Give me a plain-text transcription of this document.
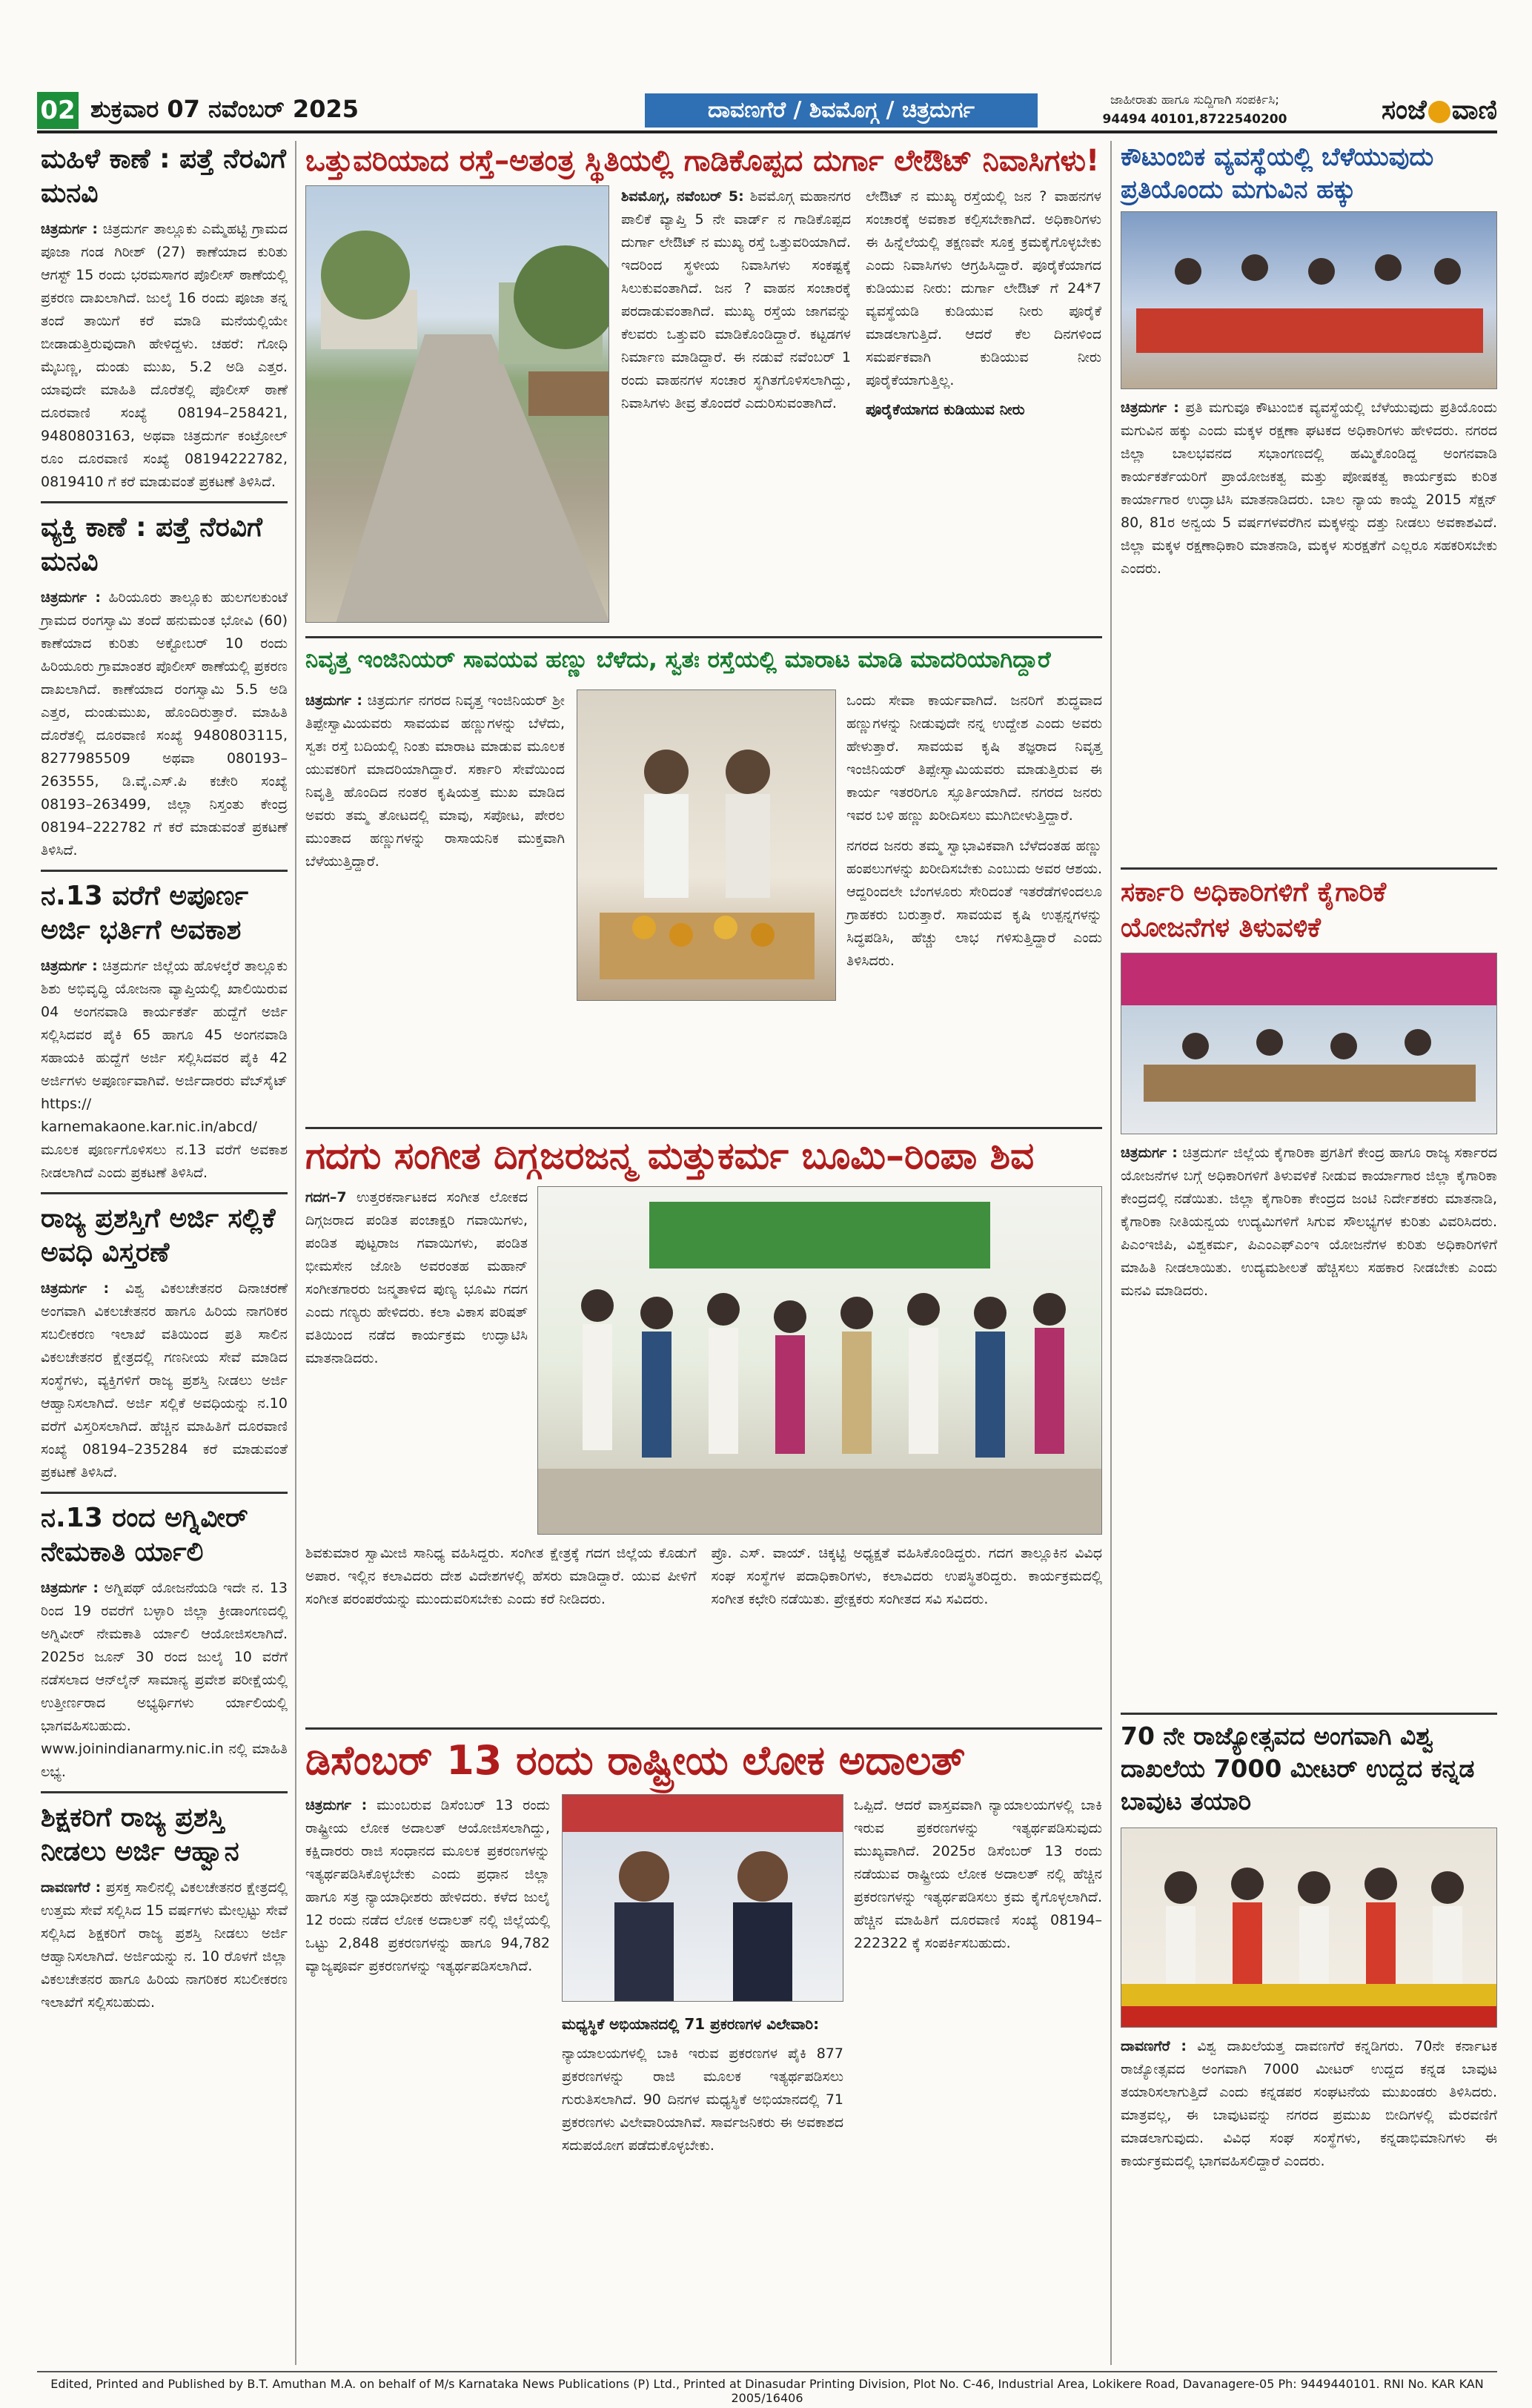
02 ಶುಕ್ರವಾರ 07 ನವೆಂಬರ್ 2025	ದಾವಣಗೆರೆ / ಶಿವಮೊಗ್ಗ / ಚಿತ್ರದುರ್ಗ	ಜಾಹೀರಾತು ಹಾಗೂ ಸುದ್ದಿಗಾಗಿ ಸಂಪರ್ಕಿಸಿ;
94494 40101,8722540200	ಸಂಜೆ ವಾಣಿ
ಮಹಿಳೆ ಕಾಣೆ : ಪತ್ತೆ ನೆರವಿಗೆ ಮನವಿ
ಚಿತ್ರದುರ್ಗ : ಚಿತ್ರದುರ್ಗ ತಾಲ್ಲೂಕು ಎಮ್ಮೆಹಟ್ಟಿ ಗ್ರಾಮದ ಪೂಜಾ ಗಂಡ ಗಿರೀಶ್ (27) ಕಾಣೆಯಾದ ಕುರಿತು ಆಗಸ್ಟ್ 15 ರಂದು ಭರಮಸಾಗರ ಪೊಲೀಸ್ ಠಾಣೆಯಲ್ಲಿ ಪ್ರಕರಣ ದಾಖಲಾಗಿದೆ. ಜುಲೈ 16 ರಂದು ಪೂಜಾ ತನ್ನ ತಂದೆ ತಾಯಿಗೆ ಕರೆ ಮಾಡಿ ಮನೆಯಲ್ಲಿಯೇ ಬೀಡಾಡುತ್ತಿರುವುದಾಗಿ ಹೇಳಿದ್ದಳು. ಚಹರೆ: ಗೋಧಿ ಮೈಬಣ್ಣ, ದುಂಡು ಮುಖ, 5.2 ಅಡಿ ಎತ್ತರ. ಯಾವುದೇ ಮಾಹಿತಿ ದೊರೆತಲ್ಲಿ ಪೊಲೀಸ್ ಠಾಣೆ ದೂರವಾಣಿ ಸಂಖ್ಯೆ 08194–258421, 9480803163, ಅಥವಾ ಚಿತ್ರದುರ್ಗ ಕಂಟ್ರೋಲ್ ರೂಂ ದೂರವಾಣಿ ಸಂಖ್ಯೆ 08194222782, 0819410 ಗೆ ಕರೆ ಮಾಡುವಂತೆ ಪ್ರಕಟಣೆ ತಿಳಿಸಿದೆ.
ವ್ಯಕ್ತಿ ಕಾಣೆ : ಪತ್ತೆ ನೆರವಿಗೆ ಮನವಿ
ಚಿತ್ರದುರ್ಗ : ಹಿರಿಯೂರು ತಾಲ್ಲೂಕು ಹುಲಗಲಕುಂಟೆ ಗ್ರಾಮದ ರಂಗಸ್ವಾಮಿ ತಂದೆ ಹನುಮಂತ ಭೋವಿ (60) ಕಾಣೆಯಾದ ಕುರಿತು ಅಕ್ಟೋಬರ್ 10 ರಂದು ಹಿರಿಯೂರು ಗ್ರಾಮಾಂತರ ಪೊಲೀಸ್ ಠಾಣೆಯಲ್ಲಿ ಪ್ರಕರಣ ದಾಖಲಾಗಿದೆ. ಕಾಣೆಯಾದ ರಂಗಸ್ವಾಮಿ 5.5 ಅಡಿ ಎತ್ತರ, ದುಂಡುಮುಖ, ಹೊಂದಿರುತ್ತಾರೆ. ಮಾಹಿತಿ ದೊರೆತಲ್ಲಿ ದೂರವಾಣಿ ಸಂಖ್ಯೆ 9480803115, 8277985509 ಅಥವಾ 080193–263555, ಡಿ.ವೈ.ಎಸ್.ಪಿ ಕಚೇರಿ ಸಂಖ್ಯೆ 08193–263499, ಜಿಲ್ಲಾ ನಿಸ್ತಂತು ಕೇಂದ್ರ 08194–222782 ಗೆ ಕರೆ ಮಾಡುವಂತೆ ಪ್ರಕಟಣೆ ತಿಳಿಸಿದೆ.
ನ.13 ವರೆಗೆ ಅಪೂರ್ಣ ಅರ್ಜಿ ಭರ್ತಿಗೆ ಅವಕಾಶ
ಚಿತ್ರದುರ್ಗ : ಚಿತ್ರದುರ್ಗ ಜಿಲ್ಲೆಯ ಹೊಳಲ್ಕೆರೆ ತಾಲ್ಲೂಕು ಶಿಶು ಅಭಿವೃದ್ಧಿ ಯೋಜನಾ ವ್ಯಾಪ್ತಿಯಲ್ಲಿ ಖಾಲಿಯಿರುವ 04 ಅಂಗನವಾಡಿ ಕಾರ್ಯಕರ್ತೆ ಹುದ್ದೆಗೆ ಅರ್ಜಿ ಸಲ್ಲಿಸಿದವರ ಪೈಕಿ 65 ಹಾಗೂ 45 ಅಂಗನವಾಡಿ ಸಹಾಯಕಿ ಹುದ್ದೆಗೆ ಅರ್ಜಿ ಸಲ್ಲಿಸಿದವರ ಪೈಕಿ 42 ಅರ್ಜಿಗಳು ಅಪೂರ್ಣವಾಗಿವೆ. ಅರ್ಜಿದಾರರು ವೆಬ್‍ಸೈಟ್ https:// karnemakaone.kar.nic.in/abcd/ ಮೂಲಕ ಪೂರ್ಣಗೊಳಿಸಲು ನ.13 ವರೆಗೆ ಅವಕಾಶ ನೀಡಲಾಗಿದೆ ಎಂದು ಪ್ರಕಟಣೆ ತಿಳಿಸಿದೆ.
ರಾಜ್ಯ ಪ್ರಶಸ್ತಿಗೆ ಅರ್ಜಿ ಸಲ್ಲಿಕೆ ಅವಧಿ ವಿಸ್ತರಣೆ
ಚಿತ್ರದುರ್ಗ : ವಿಶ್ವ ವಿಕಲಚೇತನರ ದಿನಾಚರಣೆ ಅಂಗವಾಗಿ ವಿಕಲಚೇತನರ ಹಾಗೂ ಹಿರಿಯ ನಾಗರಿಕರ ಸಬಲೀಕರಣ ಇಲಾಖೆ ವತಿಯಿಂದ ಪ್ರತಿ ಸಾಲಿನ ವಿಕಲಚೇತನರ ಕ್ಷೇತ್ರದಲ್ಲಿ ಗಣನೀಯ ಸೇವೆ ಮಾಡಿದ ಸಂಸ್ಥೆಗಳು, ವ್ಯಕ್ತಿಗಳಿಗೆ ರಾಜ್ಯ ಪ್ರಶಸ್ತಿ ನೀಡಲು ಅರ್ಜಿ ಆಹ್ವಾನಿಸಲಾಗಿದೆ. ಅರ್ಜಿ ಸಲ್ಲಿಕೆ ಅವಧಿಯನ್ನು ನ.10 ವರೆಗೆ ವಿಸ್ತರಿಸಲಾಗಿದೆ. ಹೆಚ್ಚಿನ ಮಾಹಿತಿಗೆ ದೂರವಾಣಿ ಸಂಖ್ಯೆ 08194–235284 ಕರೆ ಮಾಡುವಂತೆ ಪ್ರಕಟಣೆ ತಿಳಿಸಿದೆ.
ನ.13 ರಂದ ಅಗ್ನಿವೀರ್ ನೇಮಕಾತಿ ರ್ಯಾಲಿ
ಚಿತ್ರದುರ್ಗ : ಅಗ್ನಿಪಥ್ ಯೋಜನೆಯಡಿ ಇದೇ ನ. 13 ರಿಂದ 19 ರವರೆಗೆ ಬಳ್ಳಾರಿ ಜಿಲ್ಲಾ ಕ್ರೀಡಾಂಗಣದಲ್ಲಿ ಅಗ್ನಿವೀರ್ ನೇಮಕಾತಿ ರ್ಯಾಲಿ ಆಯೋಜಿಸಲಾಗಿದೆ. 2025ರ ಜೂನ್ 30 ರಂದ ಜುಲೈ 10 ವರೆಗೆ ನಡೆಸಲಾದ ಆನ್‍ಲೈನ್ ಸಾಮಾನ್ಯ ಪ್ರವೇಶ ಪರೀಕ್ಷೆಯಲ್ಲಿ ಉತ್ತೀರ್ಣರಾದ ಅಭ್ಯರ್ಥಿಗಳು ರ್ಯಾಲಿಯಲ್ಲಿ ಭಾಗವಹಿಸಬಹುದು. www.joinindianarmy.nic.in ನಲ್ಲಿ ಮಾಹಿತಿ ಲಭ್ಯ.
ಶಿಕ್ಷಕರಿಗೆ ರಾಜ್ಯ ಪ್ರಶಸ್ತಿ ನೀಡಲು ಅರ್ಜಿ ಆಹ್ವಾನ
ದಾವಣಗೆರೆ : ಪ್ರಸಕ್ತ ಸಾಲಿನಲ್ಲಿ ವಿಕಲಚೇತನರ ಕ್ಷೇತ್ರದಲ್ಲಿ ಉತ್ತಮ ಸೇವೆ ಸಲ್ಲಿಸಿದ 15 ವರ್ಷಗಳು ಮೇಲ್ಪಟ್ಟು ಸೇವೆ ಸಲ್ಲಿಸಿದ ಶಿಕ್ಷಕರಿಗೆ ರಾಜ್ಯ ಪ್ರಶಸ್ತಿ ನೀಡಲು ಅರ್ಜಿ ಆಹ್ವಾನಿಸಲಾಗಿದೆ. ಅರ್ಜಿಯನ್ನು ನ. 10 ರೊಳಗೆ ಜಿಲ್ಲಾ ವಿಕಲಚೇತನರ ಹಾಗೂ ಹಿರಿಯ ನಾಗರಿಕರ ಸಬಲೀಕರಣ ಇಲಾಖೆಗೆ ಸಲ್ಲಿಸಬಹುದು.
ಒತ್ತುವರಿಯಾದ ರಸ್ತೆ–ಅತಂತ್ರ ಸ್ಥಿತಿಯಲ್ಲಿ ಗಾಡಿಕೊಪ್ಪದ ದುರ್ಗಾ ಲೇಔಟ್ ನಿವಾಸಿಗಳು!
ಶಿವಮೊಗ್ಗ, ನವೆಂಬರ್ 5: ಶಿವಮೊಗ್ಗ ಮಹಾನಗರ ಪಾಲಿಕೆ ವ್ಯಾಪ್ತಿ 5 ನೇ ವಾರ್ಡ್ ನ ಗಾಡಿಕೊಪ್ಪದ ದುರ್ಗಾ ಲೇಔಟ್ ನ ಮುಖ್ಯ ರಸ್ತೆ ಒತ್ತುವರಿಯಾಗಿದೆ. ಇದರಿಂದ ಸ್ಥಳೀಯ ನಿವಾಸಿಗಳು ಸಂಕಷ್ಟಕ್ಕೆ ಸಿಲುಕುವಂತಾಗಿದೆ. ಜನ ? ವಾಹನ ಸಂಚಾರಕ್ಕೆ ಪರದಾಡುವಂತಾಗಿದೆ. ಮುಖ್ಯ ರಸ್ತೆಯ ಜಾಗವನ್ನು ಕೆಲವರು ಒತ್ತುವರಿ ಮಾಡಿಕೊಂಡಿದ್ದಾರೆ. ಕಟ್ಟಡಗಳ ನಿರ್ಮಾಣ ಮಾಡಿದ್ದಾರೆ. ಈ ನಡುವೆ ನವೆಂಬರ್ 1 ರಂದು ವಾಹನಗಳ ಸಂಚಾರ ಸ್ಥಗಿತಗೊಳಿಸಲಾಗಿದ್ದು, ನಿವಾಸಿಗಳು ತೀವ್ರ ತೊಂದರೆ ಎದುರಿಸುವಂತಾಗಿದೆ.
ಲೇಔಟ್ ನ ಮುಖ್ಯ ರಸ್ತೆಯಲ್ಲಿ ಜನ ? ವಾಹನಗಳ ಸಂಚಾರಕ್ಕೆ ಅವಕಾಶ ಕಲ್ಪಿಸಬೇಕಾಗಿದೆ. ಅಧಿಕಾರಿಗಳು ಈ ಹಿನ್ನೆಲೆಯಲ್ಲಿ ತಕ್ಷಣವೇ ಸೂಕ್ತ ಕ್ರಮಕೈಗೊಳ್ಳಬೇಕು ಎಂದು ನಿವಾಸಿಗಳು ಆಗ್ರಹಿಸಿದ್ದಾರೆ. ಪೂರೈಕೆಯಾಗದ ಕುಡಿಯುವ ನೀರು: ದುರ್ಗಾ ಲೇಔಟ್ ಗೆ 24*7 ವ್ಯವಸ್ಥೆಯಡಿ ಕುಡಿಯುವ ನೀರು ಪೂರೈಕೆ ಮಾಡಲಾಗುತ್ತಿದೆ. ಆದರೆ ಕೆಲ ದಿನಗಳಿಂದ ಸಮರ್ಪಕವಾಗಿ ಕುಡಿಯುವ ನೀರು ಪೂರೈಕೆಯಾಗುತ್ತಿಲ್ಲ.
ಪೂರೈಕೆಯಾಗದ ಕುಡಿಯುವ ನೀರು
ನಿವೃತ್ತ ಇಂಜಿನಿಯರ್ ಸಾವಯವ ಹಣ್ಣು ಬೆಳೆದು, ಸ್ವತಃ ರಸ್ತೆಯಲ್ಲಿ ಮಾರಾಟ ಮಾಡಿ ಮಾದರಿಯಾಗಿದ್ದಾರೆ
ಚಿತ್ರದುರ್ಗ : ಚಿತ್ರದುರ್ಗ ನಗರದ ನಿವೃತ್ತ ಇಂಜಿನಿಯರ್ ಶ್ರೀ ತಿಪ್ಪೇಸ್ವಾಮಿಯವರು ಸಾವಯವ ಹಣ್ಣುಗಳನ್ನು ಬೆಳೆದು, ಸ್ವತಃ ರಸ್ತೆ ಬದಿಯಲ್ಲಿ ನಿಂತು ಮಾರಾಟ ಮಾಡುವ ಮೂಲಕ ಯುವಕರಿಗೆ ಮಾದರಿಯಾಗಿದ್ದಾರೆ. ಸರ್ಕಾರಿ ಸೇವೆಯಿಂದ ನಿವೃತ್ತಿ ಹೊಂದಿದ ನಂತರ ಕೃಷಿಯತ್ತ ಮುಖ ಮಾಡಿದ ಅವರು ತಮ್ಮ ತೋಟದಲ್ಲಿ ಮಾವು, ಸಪೋಟ, ಪೇರಲ ಮುಂತಾದ ಹಣ್ಣುಗಳನ್ನು ರಾಸಾಯನಿಕ ಮುಕ್ತವಾಗಿ ಬೆಳೆಯುತ್ತಿದ್ದಾರೆ.
ಒಂದು ಸೇವಾ ಕಾರ್ಯವಾಗಿದೆ. ಜನರಿಗೆ ಶುದ್ಧವಾದ ಹಣ್ಣುಗಳನ್ನು ನೀಡುವುದೇ ನನ್ನ ಉದ್ದೇಶ ಎಂದು ಅವರು ಹೇಳುತ್ತಾರೆ. ಸಾವಯವ ಕೃಷಿ ತಜ್ಞರಾದ ನಿವೃತ್ತ ಇಂಜಿನಿಯರ್ ತಿಪ್ಪೇಸ್ವಾಮಿಯವರು ಮಾಡುತ್ತಿರುವ ಈ ಕಾರ್ಯ ಇತರರಿಗೂ ಸ್ಫೂರ್ತಿಯಾಗಿದೆ. ನಗರದ ಜನರು ಇವರ ಬಳಿ ಹಣ್ಣು ಖರೀದಿಸಲು ಮುಗಿಬೀಳುತ್ತಿದ್ದಾರೆ.
ನಗರದ ಜನರು ತಮ್ಮ ಸ್ವಾಭಾವಿಕವಾಗಿ ಬೆಳೆದಂತಹ ಹಣ್ಣು ಹಂಪಲುಗಳನ್ನು ಖರೀದಿಸಬೇಕು ಎಂಬುದು ಅವರ ಆಶಯ. ಆದ್ದರಿಂದಲೇ ಬೆಂಗಳೂರು ಸೇರಿದಂತೆ ಇತರೆಡೆಗಳಿಂದಲೂ ಗ್ರಾಹಕರು ಬರುತ್ತಾರೆ. ಸಾವಯವ ಕೃಷಿ ಉತ್ಪನ್ನಗಳನ್ನು ಸಿದ್ಧಪಡಿಸಿ, ಹೆಚ್ಚು ಲಾಭ ಗಳಿಸುತ್ತಿದ್ದಾರೆ ಎಂದು ತಿಳಿಸಿದರು.
ಗದಗು ಸಂಗೀತ ದಿಗ್ಗಜರಜನ್ಮ ಮತ್ತುಕರ್ಮ ಬೂಮಿ–ರಿಂಪಾ ಶಿವ
ಗದಗ–7 ಉತ್ತರಕರ್ನಾಟಕದ ಸಂಗೀತ ಲೋಕದ ದಿಗ್ಗಜರಾದ ಪಂಡಿತ ಪಂಚಾಕ್ಷರಿ ಗವಾಯಿಗಳು, ಪಂಡಿತ ಪುಟ್ಟರಾಜ ಗವಾಯಿಗಳು, ಪಂಡಿತ ಭೀಮಸೇನ ಜೋಶಿ ಅವರಂತಹ ಮಹಾನ್ ಸಂಗೀತಗಾರರು ಜನ್ಮತಾಳಿದ ಪುಣ್ಯ ಭೂಮಿ ಗದಗ ಎಂದು ಗಣ್ಯರು ಹೇಳಿದರು. ಕಲಾ ವಿಕಾಸ ಪರಿಷತ್ ವತಿಯಿಂದ ನಡೆದ ಕಾರ್ಯಕ್ರಮ ಉದ್ಘಾಟಿಸಿ ಮಾತನಾಡಿದರು.
ಶಿವಕುಮಾರ ಸ್ವಾಮೀಜಿ ಸಾನಿಧ್ಯ ವಹಿಸಿದ್ದರು. ಸಂಗೀತ ಕ್ಷೇತ್ರಕ್ಕೆ ಗದಗ ಜಿಲ್ಲೆಯ ಕೊಡುಗೆ ಅಪಾರ. ಇಲ್ಲಿನ ಕಲಾವಿದರು ದೇಶ ವಿದೇಶಗಳಲ್ಲಿ ಹೆಸರು ಮಾಡಿದ್ದಾರೆ. ಯುವ ಪೀಳಿಗೆ ಸಂಗೀತ ಪರಂಪರೆಯನ್ನು ಮುಂದುವರಿಸಬೇಕು ಎಂದು ಕರೆ ನೀಡಿದರು.
ಪ್ರೊ. ಎಸ್. ವಾಯ್. ಚಿಕ್ಕಟ್ಟಿ ಅಧ್ಯಕ್ಷತೆ ವಹಿಸಿಕೊಂಡಿದ್ದರು. ಗದಗ ತಾಲ್ಲೂಕಿನ ವಿವಿಧ ಸಂಘ ಸಂಸ್ಥೆಗಳ ಪದಾಧಿಕಾರಿಗಳು, ಕಲಾವಿದರು ಉಪಸ್ಥಿತರಿದ್ದರು. ಕಾರ್ಯಕ್ರಮದಲ್ಲಿ ಸಂಗೀತ ಕಛೇರಿ ನಡೆಯಿತು. ಪ್ರೇಕ್ಷಕರು ಸಂಗೀತದ ಸವಿ ಸವಿದರು.
ಡಿಸೆಂಬರ್ 13 ರಂದು ರಾಷ್ಟ್ರೀಯ ಲೋಕ ಅದಾಲತ್
ಚಿತ್ರದುರ್ಗ : ಮುಂಬರುವ ಡಿಸೆಂಬರ್ 13 ರಂದು ರಾಷ್ಟ್ರೀಯ ಲೋಕ ಅದಾಲತ್ ಆಯೋಜಿಸಲಾಗಿದ್ದು, ಕಕ್ಷಿದಾರರು ರಾಜಿ ಸಂಧಾನದ ಮೂಲಕ ಪ್ರಕರಣಗಳನ್ನು ಇತ್ಯರ್ಥಪಡಿಸಿಕೊಳ್ಳಬೇಕು ಎಂದು ಪ್ರಧಾನ ಜಿಲ್ಲಾ ಹಾಗೂ ಸತ್ರ ನ್ಯಾಯಾಧೀಶರು ಹೇಳಿದರು. ಕಳೆದ ಜುಲೈ 12 ರಂದು ನಡೆದ ಲೋಕ ಅದಾಲತ್ ನಲ್ಲಿ ಜಿಲ್ಲೆಯಲ್ಲಿ ಒಟ್ಟು 2,848 ಪ್ರಕರಣಗಳನ್ನು ಹಾಗೂ 94,782 ವ್ಯಾಜ್ಯಪೂರ್ವ ಪ್ರಕರಣಗಳನ್ನು ಇತ್ಯರ್ಥಪಡಿಸಲಾಗಿದೆ.
ಮಧ್ಯಸ್ಥಿಕೆ ಅಭಿಯಾನದಲ್ಲಿ 71 ಪ್ರಕರಣಗಳ ವಿಲೇವಾರಿ:
ನ್ಯಾಯಾಲಯಗಳಲ್ಲಿ ಬಾಕಿ ಇರುವ ಪ್ರಕರಣಗಳ ಪೈಕಿ 877 ಪ್ರಕರಣಗಳನ್ನು ರಾಜಿ ಮೂಲಕ ಇತ್ಯರ್ಥಪಡಿಸಲು ಗುರುತಿಸಲಾಗಿದೆ. 90 ದಿನಗಳ ಮಧ್ಯಸ್ಥಿಕೆ ಅಭಿಯಾನದಲ್ಲಿ 71 ಪ್ರಕರಣಗಳು ವಿಲೇವಾರಿಯಾಗಿವೆ. ಸಾರ್ವಜನಿಕರು ಈ ಅವಕಾಶದ ಸದುಪಯೋಗ ಪಡೆದುಕೊಳ್ಳಬೇಕು.
ಒಪ್ಪಿದೆ. ಆದರೆ ವಾಸ್ತವವಾಗಿ ನ್ಯಾಯಾಲಯಗಳಲ್ಲಿ ಬಾಕಿ ಇರುವ ಪ್ರಕರಣಗಳನ್ನು ಇತ್ಯರ್ಥಪಡಿಸುವುದು ಮುಖ್ಯವಾಗಿದೆ. 2025ರ ಡಿಸೆಂಬರ್ 13 ರಂದು ನಡೆಯುವ ರಾಷ್ಟ್ರೀಯ ಲೋಕ ಅದಾಲತ್ ನಲ್ಲಿ ಹೆಚ್ಚಿನ ಪ್ರಕರಣಗಳನ್ನು ಇತ್ಯರ್ಥಪಡಿಸಲು ಕ್ರಮ ಕೈಗೊಳ್ಳಲಾಗಿದೆ. ಹೆಚ್ಚಿನ ಮಾಹಿತಿಗೆ ದೂರವಾಣಿ ಸಂಖ್ಯೆ 08194–222322 ಕ್ಕೆ ಸಂಪರ್ಕಿಸಬಹುದು.
ಕೌಟುಂಬಿಕ ವ್ಯವಸ್ಥೆಯಲ್ಲಿ ಬೆಳೆಯುವುದು ಪ್ರತಿಯೊಂದು ಮಗುವಿನ ಹಕ್ಕು
ಚಿತ್ರದುರ್ಗ : ಪ್ರತಿ ಮಗುವೂ ಕೌಟುಂಬಿಕ ವ್ಯವಸ್ಥೆಯಲ್ಲಿ ಬೆಳೆಯುವುದು ಪ್ರತಿಯೊಂದು ಮಗುವಿನ ಹಕ್ಕು ಎಂದು ಮಕ್ಕಳ ರಕ್ಷಣಾ ಘಟಕದ ಅಧಿಕಾರಿಗಳು ಹೇಳಿದರು. ನಗರದ ಜಿಲ್ಲಾ ಬಾಲಭವನದ ಸಭಾಂಗಣದಲ್ಲಿ ಹಮ್ಮಿಕೊಂಡಿದ್ದ ಅಂಗನವಾಡಿ ಕಾರ್ಯಕರ್ತೆಯರಿಗೆ ಪ್ರಾಯೋಜಕತ್ವ ಮತ್ತು ಪೋಷಕತ್ವ ಕಾರ್ಯಕ್ರಮ ಕುರಿತ ಕಾರ್ಯಾಗಾರ ಉದ್ಘಾಟಿಸಿ ಮಾತನಾಡಿದರು. ಬಾಲ ನ್ಯಾಯ ಕಾಯ್ದೆ 2015 ಸೆಕ್ಷನ್ 80, 81ರ ಅನ್ವಯ 5 ವರ್ಷಗಳವರೆಗಿನ ಮಕ್ಕಳನ್ನು ದತ್ತು ನೀಡಲು ಅವಕಾಶವಿದೆ. ಜಿಲ್ಲಾ ಮಕ್ಕಳ ರಕ್ಷಣಾಧಿಕಾರಿ ಮಾತನಾಡಿ, ಮಕ್ಕಳ ಸುರಕ್ಷತೆಗೆ ಎಲ್ಲರೂ ಸಹಕರಿಸಬೇಕು ಎಂದರು.
ಸರ್ಕಾರಿ ಅಧಿಕಾರಿಗಳಿಗೆ ಕೈಗಾರಿಕೆ ಯೋಜನೆಗಳ ತಿಳುವಳಿಕೆ
ಚಿತ್ರದುರ್ಗ : ಚಿತ್ರದುರ್ಗ ಜಿಲ್ಲೆಯ ಕೈಗಾರಿಕಾ ಪ್ರಗತಿಗೆ ಕೇಂದ್ರ ಹಾಗೂ ರಾಜ್ಯ ಸರ್ಕಾರದ ಯೋಜನೆಗಳ ಬಗ್ಗೆ ಅಧಿಕಾರಿಗಳಿಗೆ ತಿಳುವಳಿಕೆ ನೀಡುವ ಕಾರ್ಯಾಗಾರ ಜಿಲ್ಲಾ ಕೈಗಾರಿಕಾ ಕೇಂದ್ರದಲ್ಲಿ ನಡೆಯಿತು. ಜಿಲ್ಲಾ ಕೈಗಾರಿಕಾ ಕೇಂದ್ರದ ಜಂಟಿ ನಿರ್ದೇಶಕರು ಮಾತನಾಡಿ, ಕೈಗಾರಿಕಾ ನೀತಿಯನ್ವಯ ಉದ್ಯಮಿಗಳಿಗೆ ಸಿಗುವ ಸೌಲಭ್ಯಗಳ ಕುರಿತು ವಿವರಿಸಿದರು. ಪಿಎಂಇಜಿಪಿ, ವಿಶ್ವಕರ್ಮ, ಪಿಎಂಎಫ್‍ಎಂಇ ಯೋಜನೆಗಳ ಕುರಿತು ಅಧಿಕಾರಿಗಳಿಗೆ ಮಾಹಿತಿ ನೀಡಲಾಯಿತು. ಉದ್ಯಮಶೀಲತೆ ಹೆಚ್ಚಿಸಲು ಸಹಕಾರ ನೀಡಬೇಕು ಎಂದು ಮನವಿ ಮಾಡಿದರು.
70 ನೇ ರಾಜ್ಯೋತ್ಸವದ ಅಂಗವಾಗಿ ವಿಶ್ವ ದಾಖಲೆಯ 7000 ಮೀಟರ್ ಉದ್ದದ ಕನ್ನಡ ಬಾವುಟ ತಯಾರಿ
ದಾವಣಗೆರೆ : ವಿಶ್ವ ದಾಖಲೆಯತ್ತ ದಾವಣಗೆರೆ ಕನ್ನಡಿಗರು. 70ನೇ ಕರ್ನಾಟಕ ರಾಜ್ಯೋತ್ಸವದ ಅಂಗವಾಗಿ 7000 ಮೀಟರ್ ಉದ್ದದ ಕನ್ನಡ ಬಾವುಟ ತಯಾರಿಸಲಾಗುತ್ತಿದೆ ಎಂದು ಕನ್ನಡಪರ ಸಂಘಟನೆಯ ಮುಖಂಡರು ತಿಳಿಸಿದರು. ಮಾತ್ರವಲ್ಲ, ಈ ಬಾವುಟವನ್ನು ನಗರದ ಪ್ರಮುಖ ಬೀದಿಗಳಲ್ಲಿ ಮೆರವಣಿಗೆ ಮಾಡಲಾಗುವುದು. ವಿವಿಧ ಸಂಘ ಸಂಸ್ಥೆಗಳು, ಕನ್ನಡಾಭಿಮಾನಿಗಳು ಈ ಕಾರ್ಯಕ್ರಮದಲ್ಲಿ ಭಾಗವಹಿಸಲಿದ್ದಾರೆ ಎಂದರು.
Edited, Printed and Published by B.T. Amuthan M.A. on behalf of M/s Karnataka News Publications (P) Ltd., Printed at Dinasudar Printing Division, Plot No. C-46, Industrial Area, Lokikere Road, Davanagere-05 Ph: 9449440101. RNI No. KAR KAN 2005/16406
